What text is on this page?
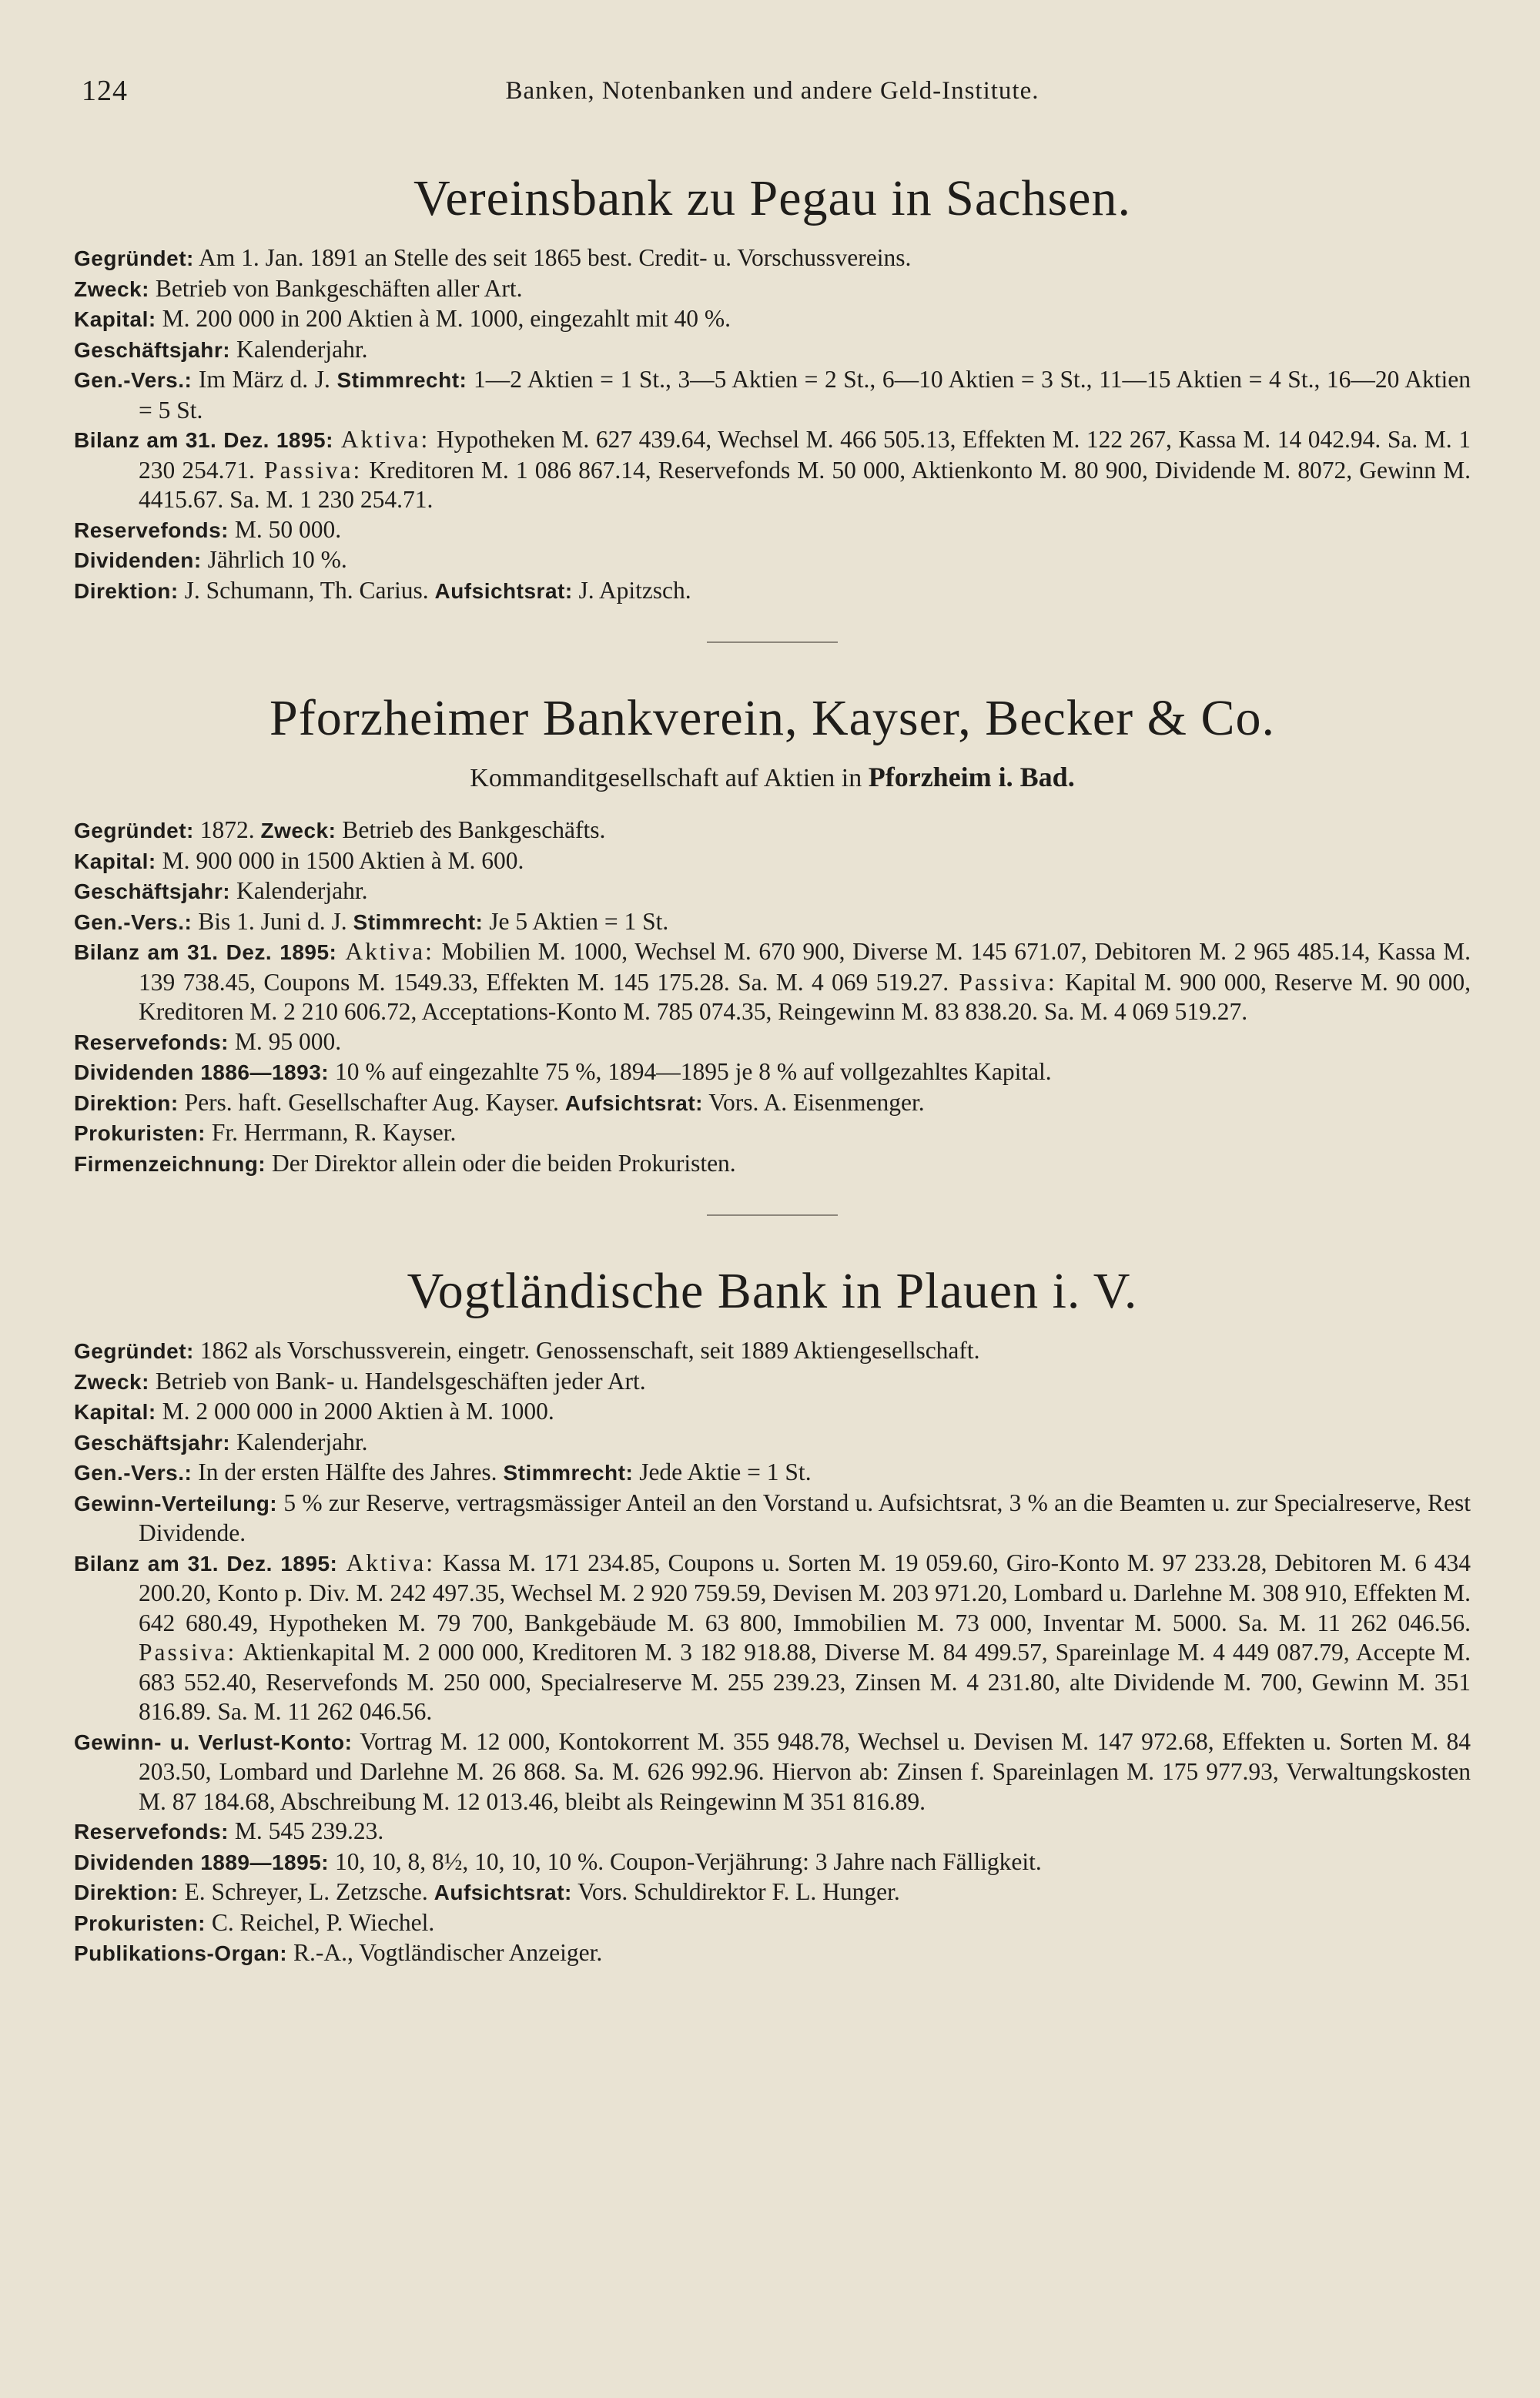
124	Banken, Notenbanken und andere Geld-Institute.
Vereinsbank zu Pegau in Sachsen.

Gegründet: Am 1. Jan. 1891 an Stelle des seit 1865 best. Credit- u. Vorschussvereins.

Zweck: Betrieb von Bankgeschäften aller Art.

Kapital: M. 200 000 in 200 Aktien à M. 1000, eingezahlt mit 40 %.

Geschäftsjahr: Kalenderjahr.

Gen.-Vers.: Im März d. J. Stimmrecht: 1—2 Aktien = 1 St., 3—5 Aktien = 2 St., 6—10 Aktien = 3 St., 11—15 Aktien = 4 St., 16—20 Aktien = 5 St.

Bilanz am 31. Dez. 1895: Aktiva: Hypotheken M. 627 439.64, Wechsel M. 466 505.13, Effekten M. 122 267, Kassa M. 14 042.94. Sa. M. 1 230 254.71. Passiva: Kreditoren M. 1 086 867.14, Reservefonds M. 50 000, Aktienkonto M. 80 900, Dividende M. 8072, Gewinn M. 4415.67. Sa. M. 1 230 254.71.

Reservefonds: M. 50 000.

Dividenden: Jährlich 10 %.

Direktion: J. Schumann, Th. Carius. Aufsichtsrat: J. Apitzsch.

Pforzheimer Bankverein, Kayser, Becker & Co.

Kommanditgesellschaft auf Aktien in Pforzheim i. Bad.

Gegründet: 1872. Zweck: Betrieb des Bankgeschäfts.

Kapital: M. 900 000 in 1500 Aktien à M. 600.

Geschäftsjahr: Kalenderjahr.

Gen.-Vers.: Bis 1. Juni d. J. Stimmrecht: Je 5 Aktien = 1 St.

Bilanz am 31. Dez. 1895: Aktiva: Mobilien M. 1000, Wechsel M. 670 900, Diverse M. 145 671.07, Debitoren M. 2 965 485.14, Kassa M. 139 738.45, Coupons M. 1549.33, Effekten M. 145 175.28. Sa. M. 4 069 519.27. Passiva: Kapital M. 900 000, Reserve M. 90 000, Kreditoren M. 2 210 606.72, Acceptations-Konto M. 785 074.35, Reingewinn M. 83 838.20. Sa. M. 4 069 519.27.

Reservefonds: M. 95 000.

Dividenden 1886—1893: 10 % auf eingezahlte 75 %, 1894—1895 je 8 % auf vollgezahltes Kapital.

Direktion: Pers. haft. Gesellschafter Aug. Kayser. Aufsichtsrat: Vors. A. Eisenmenger.

Prokuristen: Fr. Herrmann, R. Kayser.

Firmenzeichnung: Der Direktor allein oder die beiden Prokuristen.

Vogtländische Bank in Plauen i. V.

Gegründet: 1862 als Vorschussverein, eingetr. Genossenschaft, seit 1889 Aktiengesellschaft.

Zweck: Betrieb von Bank- u. Handelsgeschäften jeder Art.

Kapital: M. 2 000 000 in 2000 Aktien à M. 1000.

Geschäftsjahr: Kalenderjahr.

Gen.-Vers.: In der ersten Hälfte des Jahres. Stimmrecht: Jede Aktie = 1 St.

Gewinn-Verteilung: 5 % zur Reserve, vertragsmässiger Anteil an den Vorstand u. Aufsichtsrat, 3 % an die Beamten u. zur Specialreserve, Rest Dividende.

Bilanz am 31. Dez. 1895: Aktiva: Kassa M. 171 234.85, Coupons u. Sorten M. 19 059.60, Giro-Konto M. 97 233.28, Debitoren M. 6 434 200.20, Konto p. Div. M. 242 497.35, Wechsel M. 2 920 759.59, Devisen M. 203 971.20, Lombard u. Darlehne M. 308 910, Effekten M. 642 680.49, Hypotheken M. 79 700, Bankgebäude M. 63 800, Immobilien M. 73 000, Inventar M. 5000. Sa. M. 11 262 046.56. Passiva: Aktienkapital M. 2 000 000, Kreditoren M. 3 182 918.88, Diverse M. 84 499.57, Spareinlage M. 4 449 087.79, Accepte M. 683 552.40, Reservefonds M. 250 000, Specialreserve M. 255 239.23, Zinsen M. 4 231.80, alte Dividende M. 700, Gewinn M. 351 816.89. Sa. M. 11 262 046.56.

Gewinn- u. Verlust-Konto: Vortrag M. 12 000, Kontokorrent M. 355 948.78, Wechsel u. Devisen M. 147 972.68, Effekten u. Sorten M. 84 203.50, Lombard und Darlehne M. 26 868. Sa. M. 626 992.96. Hiervon ab: Zinsen f. Spareinlagen M. 175 977.93, Verwaltungskosten M. 87 184.68, Abschreibung M. 12 013.46, bleibt als Reingewinn M 351 816.89.

Reservefonds: M. 545 239.23.

Dividenden 1889—1895: 10, 10, 8, 8½, 10, 10, 10 %. Coupon-Verjährung: 3 Jahre nach Fälligkeit.

Direktion: E. Schreyer, L. Zetzsche. Aufsichtsrat: Vors. Schuldirektor F. L. Hunger.

Prokuristen: C. Reichel, P. Wiechel.

Publikations-Organ: R.-A., Vogtländischer Anzeiger.
